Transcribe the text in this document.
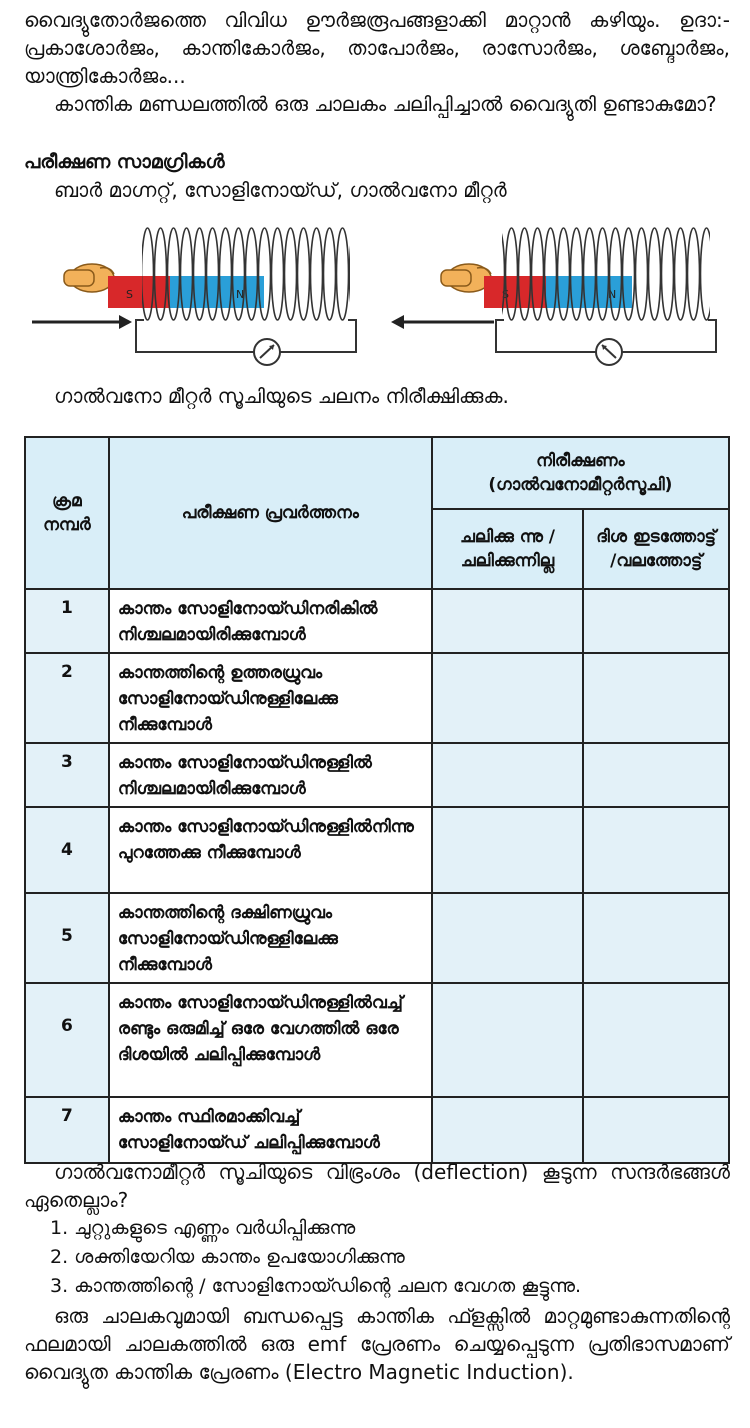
വൈദ്യുതോർജത്തെ വിവിധ ഊർജരൂപങ്ങളാക്കി മാറ്റാൻ കഴിയും. ഉദാ:- പ്രകാശോർജം, കാന്തികോർജം, താപോർജം, രാസോർജം, ശബ്ദോർജം, യാന്ത്രികോർജം...

കാന്തിക മണ്ഡലത്തിൽ ഒരു ചാലകം ചലിപ്പിച്ചാൽ വൈദ്യുതി ഉണ്ടാകുമോ?

പരീക്ഷണ സാമഗ്രികൾ
ബാർ മാഗ്നറ്റ്, സോളിനോയ്ഡ്, ഗാൽവനോ മീറ്റർ
S
ഗാൽവനോ മീറ്റർ സൂചിയുടെ ചലനം നിരീക്ഷിക്കുക.
ക്രമ നമ്പർ	പരീക്ഷണ പ്രവർത്തനം	നിരീക്ഷണം (ഗാൽവനോമീറ്റർസൂചി)	
		ചലിക്കു ന്നു / ചലിക്കുന്നില്ല	ദിശ ഇടത്തോട്ട് /വലത്തോട്ട്
1	കാന്തം സോളിനോയ്ഡിനരികിൽ നിശ്ചലമായിരിക്കുമ്പോൾ		
2	കാന്തത്തിന്റെ ഉത്തരധ്രുവം സോളിനോയ്ഡിനുള്ളിലേക്കു നീക്കുമ്പോൾ		
3	കാന്തം സോളിനോയ്ഡിനുള്ളിൽ നിശ്ചലമായിരിക്കുമ്പോൾ		
4	കാന്തം സോളിനോയ്ഡിനുള്ളിൽനിന്നു പുറത്തേക്കു നീക്കുമ്പോൾ		
5	കാന്തത്തിന്റെ ദക്ഷിണധ്രുവം സോളിനോയ്ഡിനുള്ളിലേക്കു നീക്കുമ്പോൾ		
6	കാന്തം സോളിനോയ്ഡിനുള്ളിൽവച്ച് രണ്ടും ഒരുമിച്ച് ഒരേ വേഗത്തിൽ ഒരേ ദിശയിൽ ചലിപ്പിക്കുമ്പോൾ		
7	കാന്തം സ്ഥിരമാക്കിവച്ച് സോളിനോയ്ഡ് ചലിപ്പിക്കുമ്പോൾ		

ഗാൽവനോമീറ്റർ സൂചിയുടെ വിഭ്രംശം (deflection) കൂടുന്ന സന്ദർഭങ്ങൾ ഏതെല്ലാം?

1. ചുറ്റുകളുടെ എണ്ണം വർധിപ്പിക്കുന്നു
2. ശക്തിയേറിയ കാന്തം ഉപയോഗിക്കുന്നു
3. കാന്തത്തിന്റെ / സോളിനോയ്ഡിന്റെ ചലന വേഗത കൂട്ടുന്നു.

ഒരു ചാലകവുമായി ബന്ധപ്പെട്ട കാന്തിക ഫ്ളക്സിൽ മാറ്റമുണ്ടാകുന്നതിന്റെ ഫലമായി ചാലകത്തിൽ ഒരു emf പ്രേരണം ചെയ്യപ്പെടുന്ന പ്രതിഭാസമാണ് വൈദ്യുത കാന്തിക പ്രേരണം (Electro Magnetic Induction).
